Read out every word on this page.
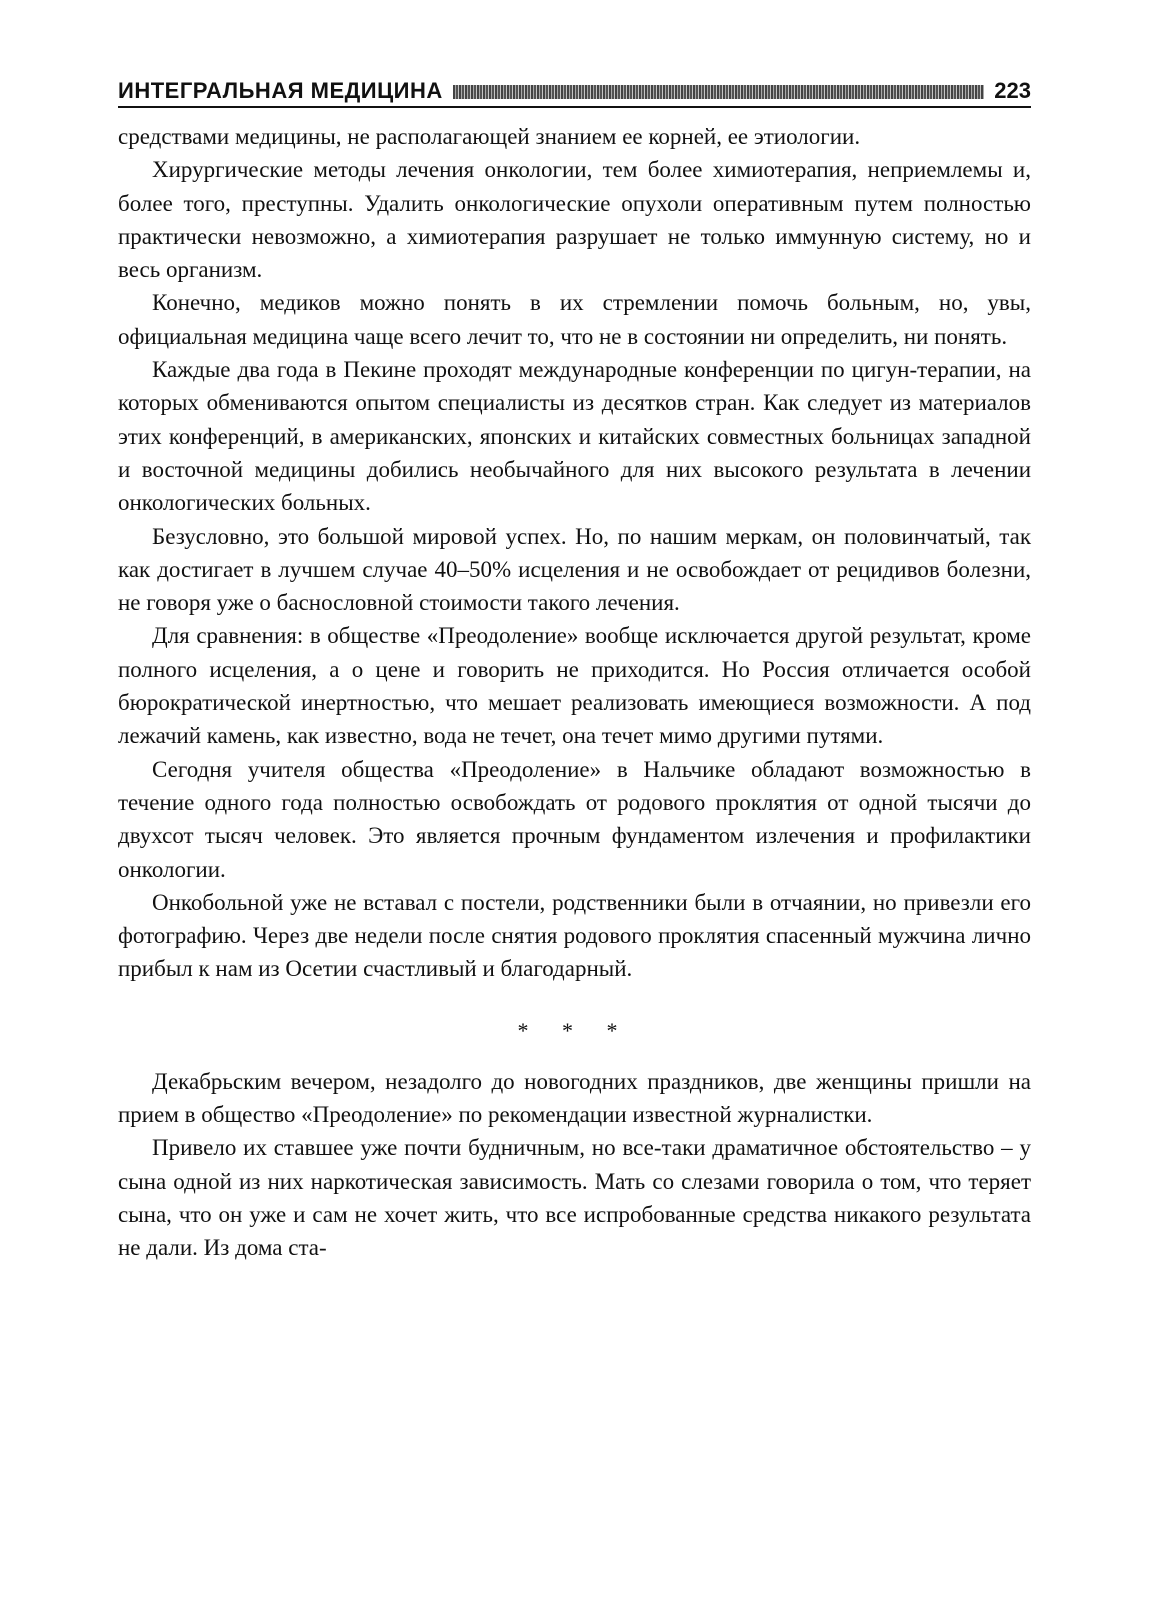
ИНТЕГРАЛЬНАЯ МЕДИЦИНА	223

средствами медицины, не располагающей знанием ее корней, ее этиологии.

Хирургические методы лечения онкологии, тем более химиотерапия, неприемлемы и, более того, преступны. Удалить онкологические опухоли оперативным путем полностью практически невозможно, а химиотерапия разрушает не только иммунную систему, но и весь организм.

Конечно, медиков можно понять в их стремлении помочь больным, но, увы, официальная медицина чаще всего лечит то, что не в состоянии ни определить, ни понять.

Каждые два года в Пекине проходят международные конференции по цигун-терапии, на которых обмениваются опытом специалисты из десятков стран. Как следует из материалов этих конференций, в американских, японских и китайских совместных больницах западной и восточной медицины добились необычайного для них высокого результата в лечении онкологических больных.

Безусловно, это большой мировой успех. Но, по нашим меркам, он половинчатый, так как достигает в лучшем случае 40–50% исцеления и не освобождает от рецидивов болезни, не говоря уже о баснословной стоимости такого лечения.

Для сравнения: в обществе «Преодоление» вообще исключается другой результат, кроме полного исцеления, а о цене и говорить не приходится. Но Россия отличается особой бюрократической инертностью, что мешает реализовать имеющиеся возможности. А под лежачий камень, как известно, вода не течет, она течет мимо другими путями.

Сегодня учителя общества «Преодоление» в Нальчике обладают возможностью в течение одного года полностью освобождать от родового проклятия от одной тысячи до двухсот тысяч человек. Это является прочным фундаментом излечения и профилактики онкологии.

Онкобольной уже не вставал с постели, родственники были в отчаянии, но привезли его фотографию. Через две недели после снятия родового проклятия спасенный мужчина лично прибыл к нам из Осетии счастливый и благодарный.

* * *

Декабрьским вечером, незадолго до новогодних праздников, две женщины пришли на прием в общество «Преодоление» по рекомендации известной журналистки.

Привело их ставшее уже почти будничным, но все-таки драматичное обстоятельство – у сына одной из них наркотическая зависимость. Мать со слезами говорила о том, что теряет сына, что он уже и сам не хочет жить, что все испробованные средства никакого результата не дали. Из дома ста-
